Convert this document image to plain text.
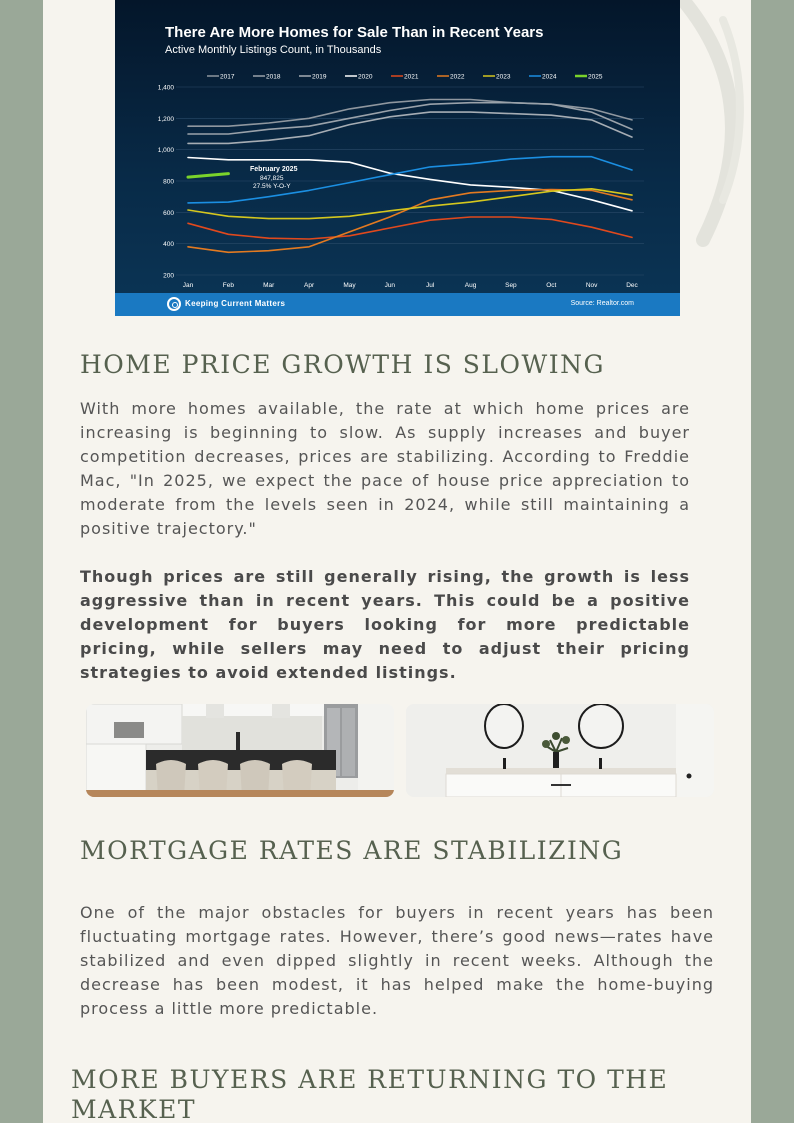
There Are More Homes for Sale Than in Recent Years
Active Monthly Listings Count, in Thousands
200
400
600
800
1,000
1,200
1,400
Jan	Feb	Mar	Apr	May	Jun	Jul	Aug	Sep	Oct	Nov	Dec
2017	2018	2019	2020	2021	2022	2023	2024	2025
February 2025
847,825
27.5% Y-O-Y
Keeping Current Matters	Source: Realtor.com
HOME PRICE GROWTH IS SLOWING

With more homes available, the rate at which home prices are increasing is beginning to slow. As supply increases and buyer competition decreases, prices are stabilizing. According to Freddie Mac, "In 2025, we expect the pace of house price appreciation to moderate from the levels seen in 2024, while still maintaining a positive trajectory."

Though prices are still generally rising, the growth is less aggressive than in recent years. This could be a positive development for buyers looking for more predictable pricing, while sellers may need to adjust their pricing strategies to avoid extended listings.

MORTGAGE RATES ARE STABILIZING

One of the major obstacles for buyers in recent years has been fluctuating mortgage rates. However, there’s good news—rates have stabilized and even dipped slightly in recent weeks. Although the decrease has been modest, it has helped make the home-buying process a little more predictable.

MORE BUYERS ARE RETURNING TO THE MARKET
